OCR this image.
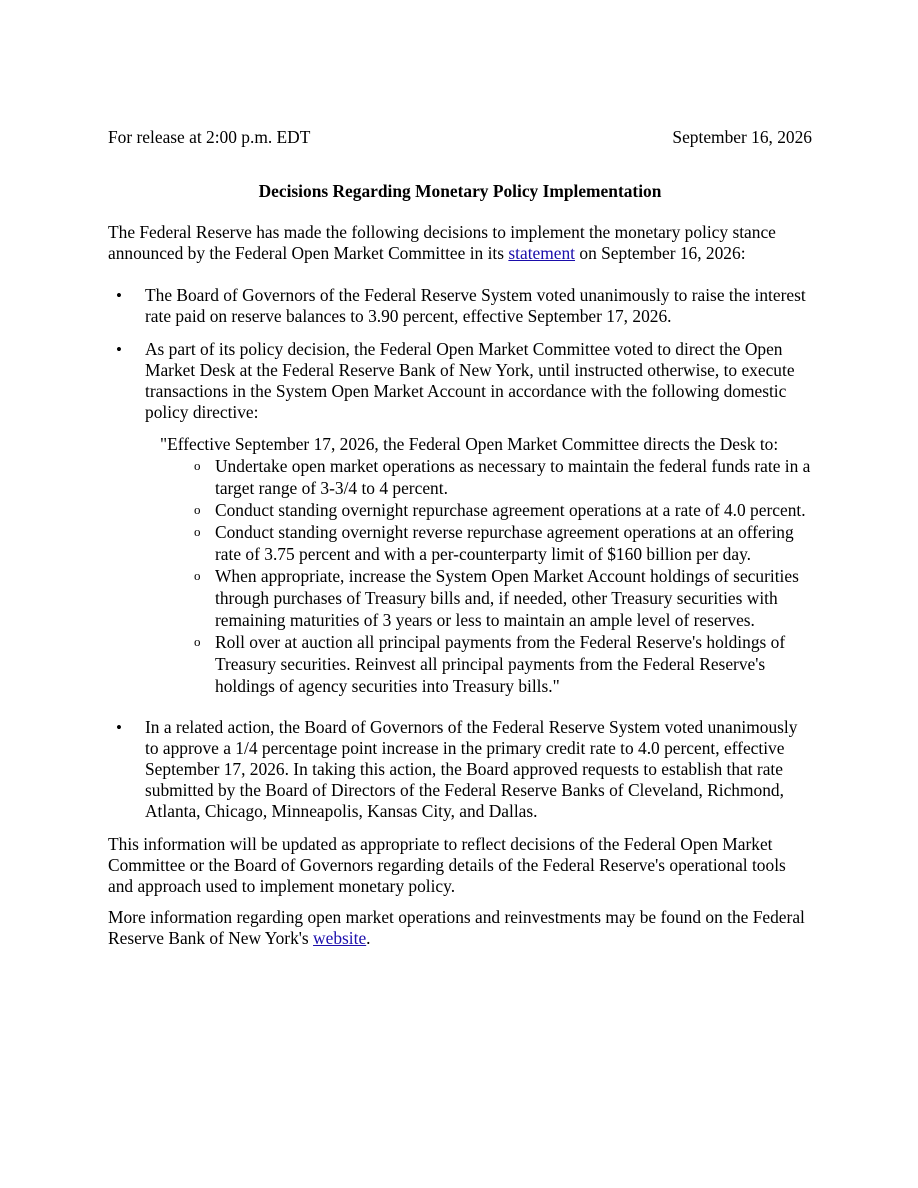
For release at 2:00 p.m. EDT	September 16, 2026
Decisions Regarding Monetary Policy Implementation

The Federal Reserve has made the following decisions to implement the monetary policy stance announced by the Federal Open Market Committee in its statement on September 16, 2026:

• The Board of Governors of the Federal Reserve System voted unanimously to raise the interest rate paid on reserve balances to 3.90 percent, effective September 17, 2026.
• As part of its policy decision, the Federal Open Market Committee voted to direct the Open Market Desk at the Federal Reserve Bank of New York, until instructed otherwise, to execute transactions in the System Open Market Account in accordance with the following domestic policy directive:
"Effective September 17, 2026, the Federal Open Market Committee directs the Desk to:
o Undertake open market operations as necessary to maintain the federal funds rate in a target range of 3-3/4 to 4 percent.
o Conduct standing overnight repurchase agreement operations at a rate of 4.0 percent.
o Conduct standing overnight reverse repurchase agreement operations at an offering rate of 3.75 percent and with a per-counterparty limit of $160 billion per day.
o When appropriate, increase the System Open Market Account holdings of securities through purchases of Treasury bills and, if needed, other Treasury securities with remaining maturities of 3 years or less to maintain an ample level of reserves.
o Roll over at auction all principal payments from the Federal Reserve's holdings of Treasury securities. Reinvest all principal payments from the Federal Reserve's holdings of agency securities into Treasury bills."
• In a related action, the Board of Governors of the Federal Reserve System voted unanimously to approve a 1/4 percentage point increase in the primary credit rate to 4.0 percent, effective September 17, 2026. In taking this action, the Board approved requests to establish that rate submitted by the Board of Directors of the Federal Reserve Banks of Cleveland, Richmond, Atlanta, Chicago, Minneapolis, Kansas City, and Dallas.

This information will be updated as appropriate to reflect decisions of the Federal Open Market Committee or the Board of Governors regarding details of the Federal Reserve's operational tools and approach used to implement monetary policy.

More information regarding open market operations and reinvestments may be found on the Federal Reserve Bank of New York's website.
